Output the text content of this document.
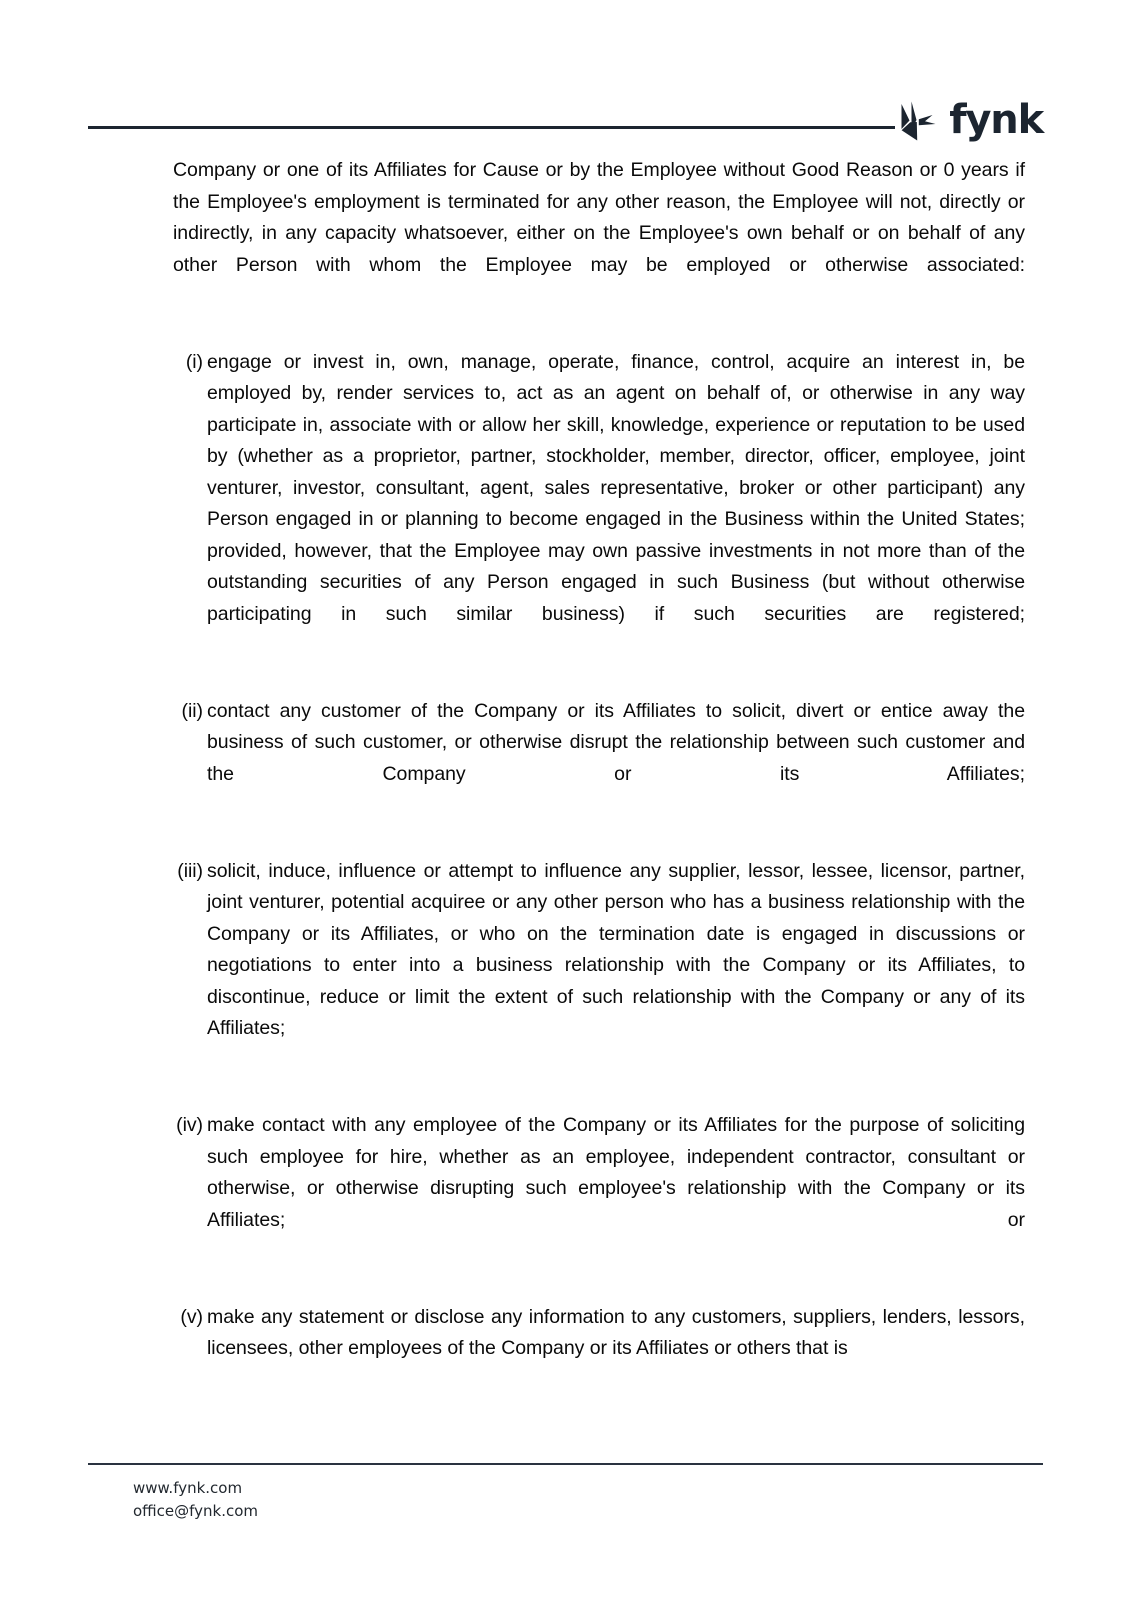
fynk

Company or one of its Affiliates for Cause or by the Employee without Good Reason or 0 years if the Employee's employment is terminated for any other reason, the Employee will not, directly or indirectly, in any capacity whatsoever, either on the Employee's own behalf or on behalf of any other Person with whom the Employee may be employed or otherwise associated:

(i) engage or invest in, own, manage, operate, finance, control, acquire an interest in, be employed by, render services to, act as an agent on behalf of, or otherwise in any way participate in, associate with or allow her skill, knowledge, experience or reputation to be used by (whether as a proprietor, partner, stockholder, member, director, officer, employee, joint venturer, investor, consultant, agent, sales representative, broker or other participant) any Person engaged in or planning to become engaged in the Business within the United States; provided, however, that the Employee may own passive investments in not more than of the outstanding securities of any Person engaged in such Business (but without otherwise participating in such similar business) if such securities are registered;
(ii) contact any customer of the Company or its Affiliates to solicit, divert or entice away the business of such customer, or otherwise disrupt the relationship between such customer and the Company or its Affiliates;
(iii) solicit, induce, influence or attempt to influence any supplier, lessor, lessee, licensor, partner, joint venturer, potential acquiree or any other person who has a business relationship with the Company or its Affiliates, or who on the termination date is engaged in discussions or negotiations to enter into a business relationship with the Company or its Affiliates, to discontinue, reduce or limit the extent of such relationship with the Company or any of its Affiliates;
(iv) make contact with any employee of the Company or its Affiliates for the purpose of soliciting such employee for hire, whether as an employee, independent contractor, consultant or otherwise, or otherwise disrupting such employee's relationship with the Company or its Affiliates; or
(v) make any statement or disclose any information to any customers, suppliers, lenders, lessors, licensees, other employees of the Company or its Affiliates or others that is
www.fynk.com
office@fynk.com
